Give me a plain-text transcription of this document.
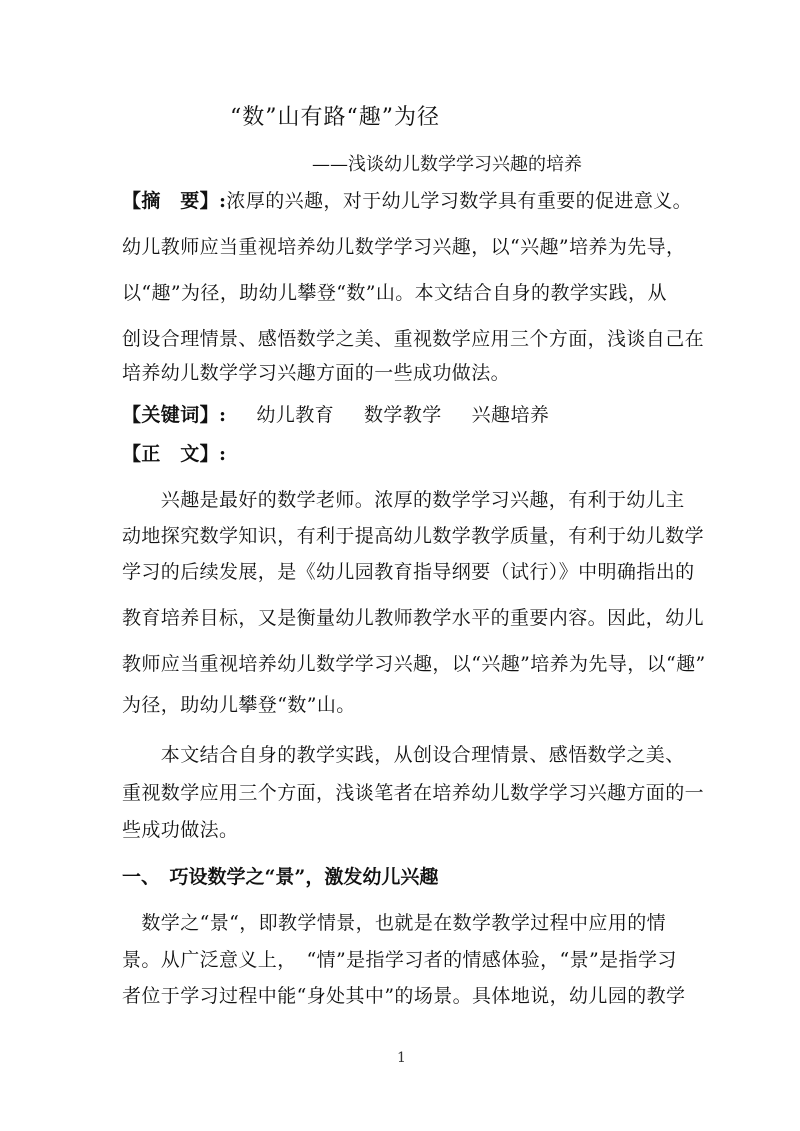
“数”山有路“趣”为径
——浅谈幼儿数学学习兴趣的培养
【摘　要】:浓厚的兴趣，对于幼儿学习数学具有重要的促进意义。
幼儿教师应当重视培养幼儿数学学习兴趣，以“兴趣”培养为先导，
以“趣”为径，助幼儿攀登“数”山。本文结合自身的教学实践，从
创设合理情景、感悟数学之美、重视数学应用三个方面，浅谈自己在
培养幼儿数学学习兴趣方面的一些成功做法。
【关键词】: 幼儿教育 数学教学 兴趣培养
【正　文】:
　　兴趣是最好的数学老师。浓厚的数学学习兴趣，有利于幼儿主
动地探究数学知识，有利于提高幼儿数学教学质量，有利于幼儿数学
学习的后续发展，是《幼儿园教育指导纲要（试行）》中明确指出的
教育培养目标，又是衡量幼儿教师教学水平的重要内容。因此，幼儿
教师应当重视培养幼儿数学学习兴趣，以“兴趣”培养为先导，以“趣”
为径，助幼儿攀登“数”山。
　　本文结合自身的教学实践，从创设合理情景、感悟数学之美、
重视数学应用三个方面，浅谈笔者在培养幼儿数学学习兴趣方面的一
些成功做法。
一、　巧设数学之“景”，激发幼儿兴趣
　数学之“景“，即教学情景，也就是在数学教学过程中应用的情
景。从广泛意义上，　“情”是指学习者的情感体验，“景”是指学习
者位于学习过程中能“身处其中”的场景。具体地说，幼儿园的教学
1
